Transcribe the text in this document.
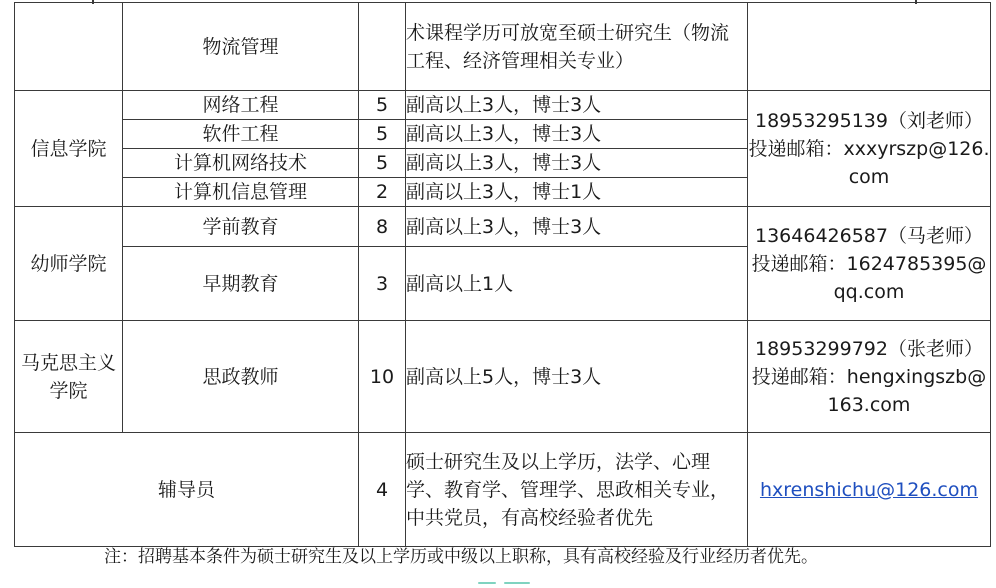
	物流管理		术课程学历可放宽至硕士研究生（物流工程、经济管理相关专业）	
信息学院	网络工程	5	副高以上3人，博士3人	18953295139（刘老师）投递邮箱：xxxyrszp@126.com
	软件工程	5	副高以上3人，博士3人	
	计算机网络技术	5	副高以上3人，博士3人	
	计算机信息管理	2	副高以上3人，博士1人	
幼师学院	学前教育	8	副高以上3人，博士3人	13646426587（马老师）投递邮箱：1624785395@qq.com
	早期教育	3	副高以上1人	
马克思主义学院	思政教师	10	副高以上5人，博士3人	18953299792（张老师）投递邮箱：hengxingszb@163.com
辅导员		4	硕士研究生及以上学历，法学、心理学、教育学、管理学、思政相关专业，中共党员，有高校经验者优先	hxrenshichu@126.com
注：招聘基本条件为硕士研究生及以上学历或中级以上职称，具有高校经验及行业经历者优先。
